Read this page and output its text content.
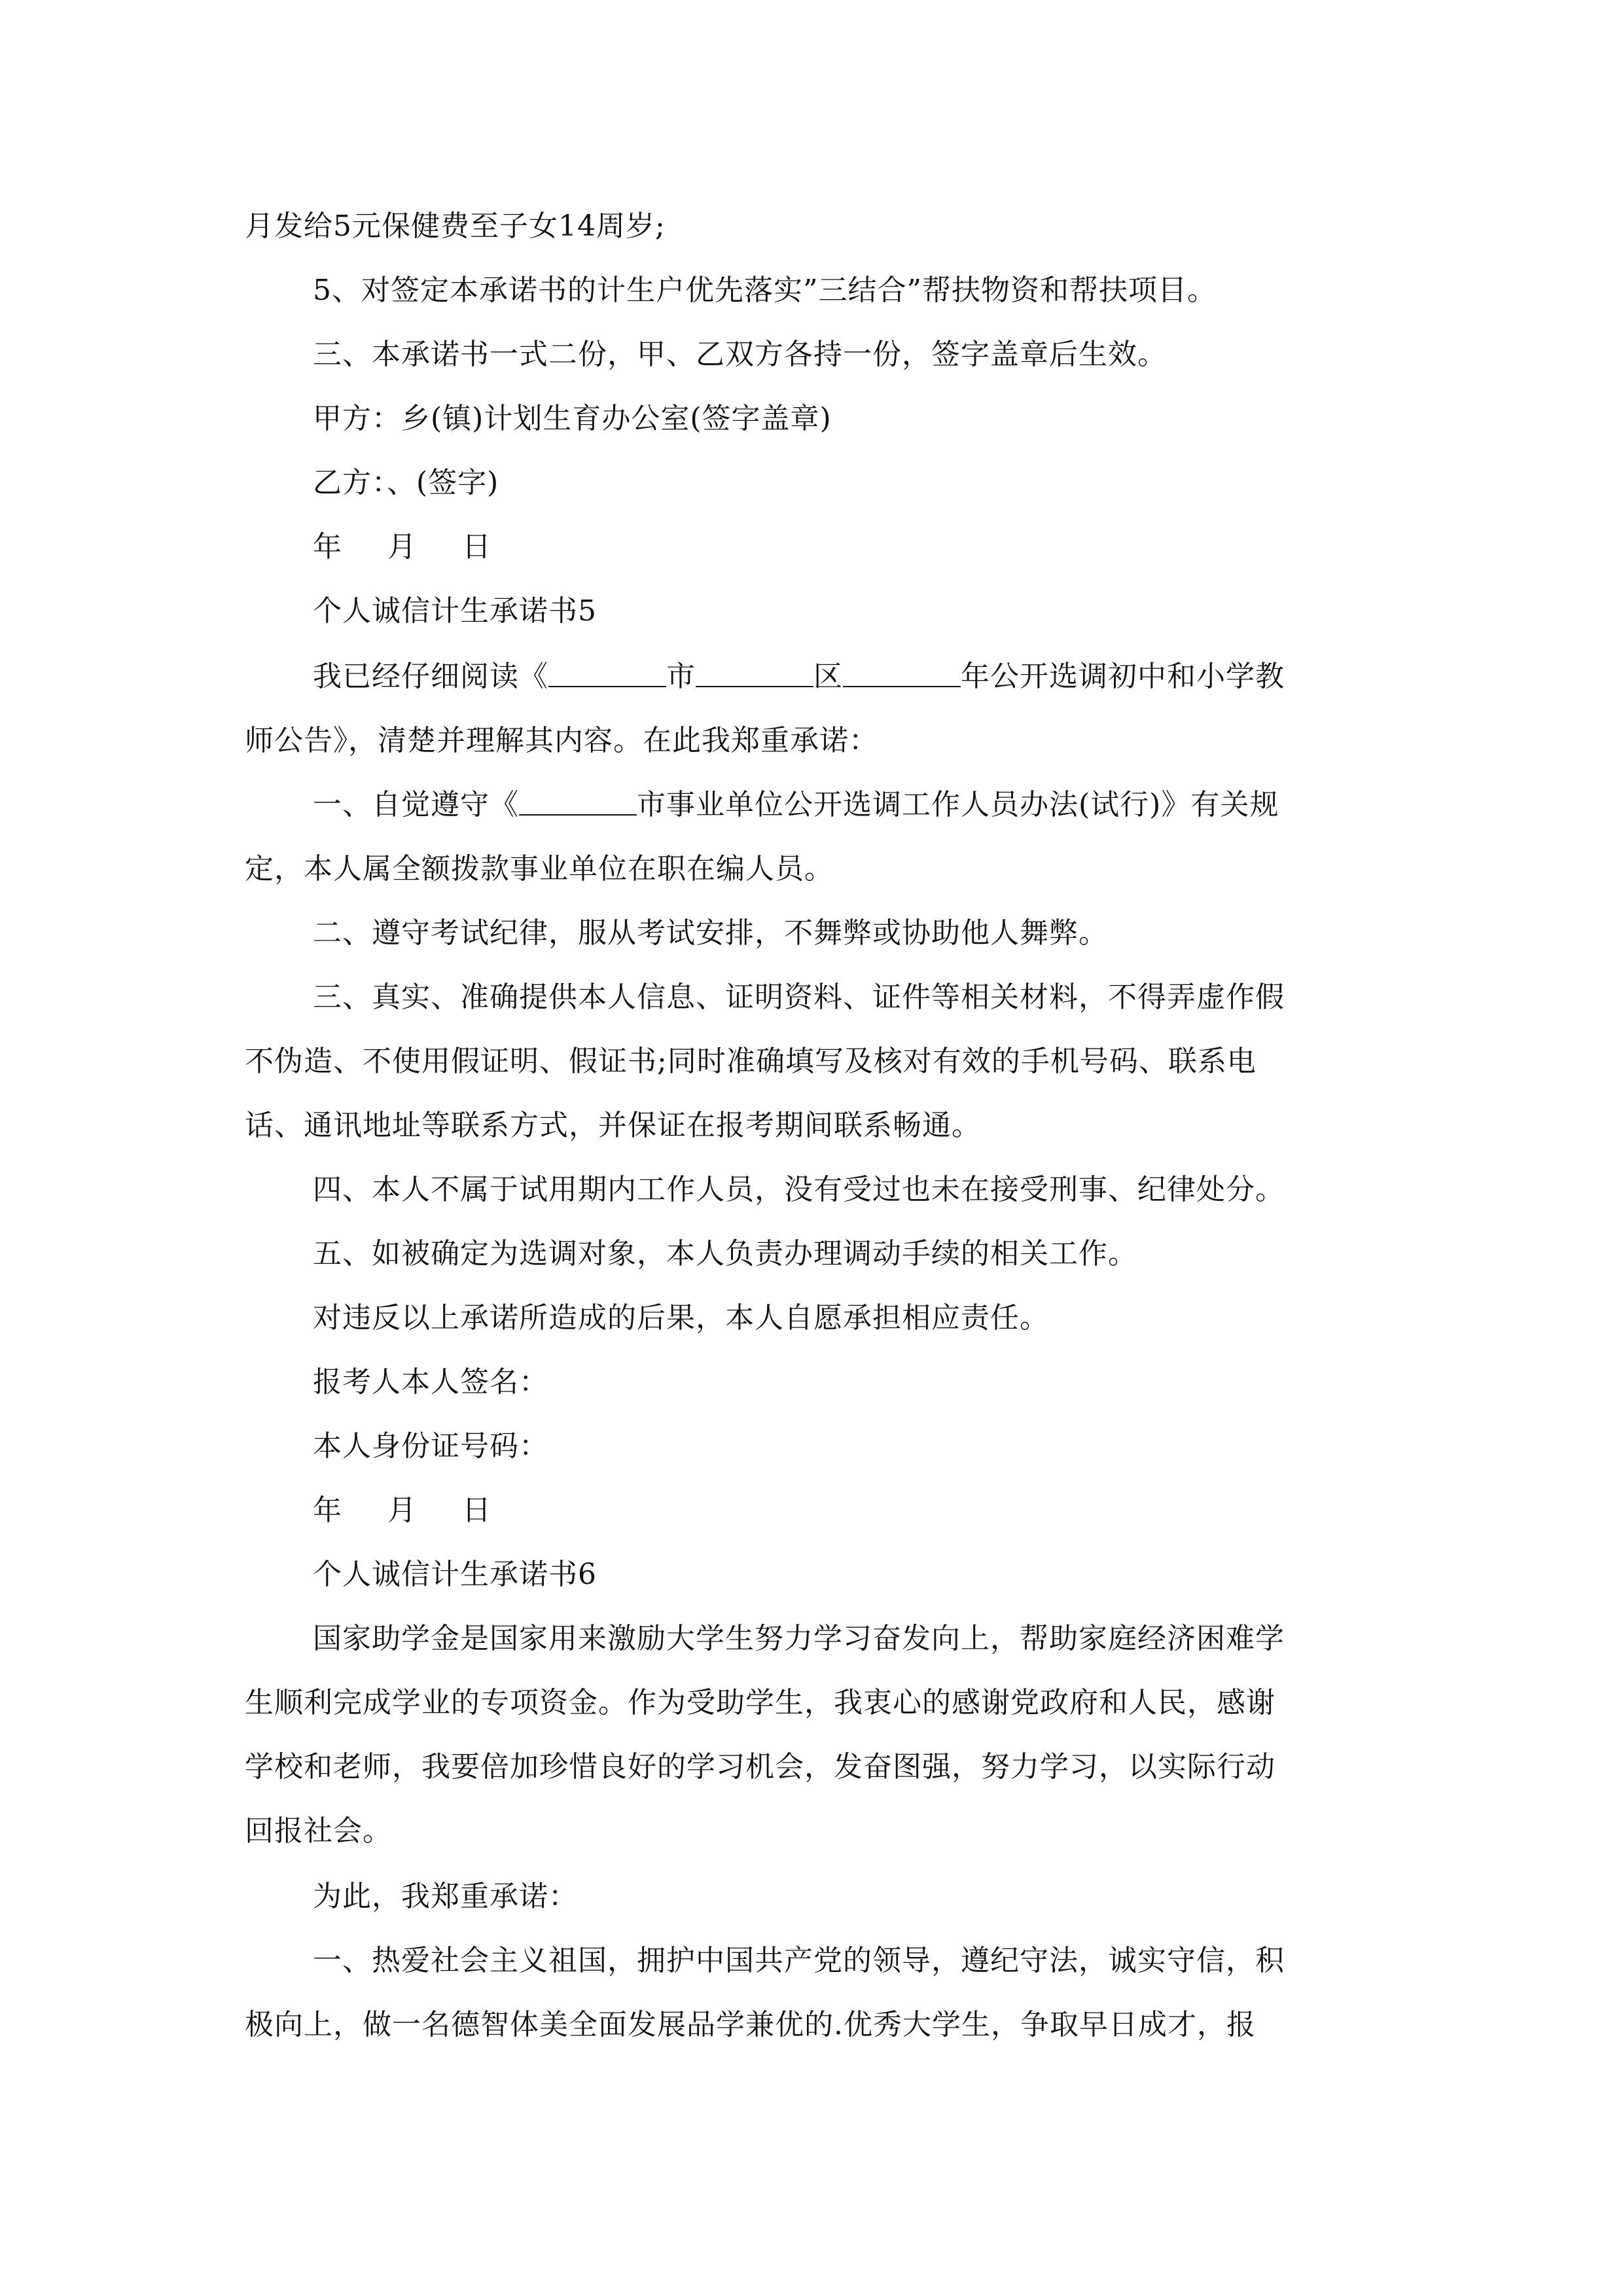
月发给5元保健费至子女14周岁;
5、对签定本承诺书的计生户优先落实”三结合”帮扶物资和帮扶项目。
三、本承诺书一式二份，甲、乙双方各持一份，签字盖章后生效。
甲方：乡(镇)计划生育办公室(签字盖章)
乙方：、(签字)
年 月 日
个人诚信计生承诺书5
我已经仔细阅读《	市	区	年公开选调初中和小学教
师公告》，清楚并理解其内容。在此我郑重承诺：
一、自觉遵守《	市事业单位公开选调工作人员办法(试行)》有关规
定，本人属全额拨款事业单位在职在编人员。
二、遵守考试纪律，服从考试安排，不舞弊或协助他人舞弊。
三、真实、准确提供本人信息、证明资料、证件等相关材料，不得弄虚作假
不伪造、不使用假证明、假证书;同时准确填写及核对有效的手机号码、联系电
话、通讯地址等联系方式，并保证在报考期间联系畅通。
四、本人不属于试用期内工作人员，没有受过也未在接受刑事、纪律处分。
五、如被确定为选调对象，本人负责办理调动手续的相关工作。
对违反以上承诺所造成的后果，本人自愿承担相应责任。
报考人本人签名：
本人身份证号码：
年 月 日
个人诚信计生承诺书6
国家助学金是国家用来激励大学生努力学习奋发向上，帮助家庭经济困难学
生顺利完成学业的专项资金。作为受助学生，我衷心的感谢党政府和人民，感谢
学校和老师，我要倍加珍惜良好的学习机会，发奋图强，努力学习，以实际行动
回报社会。
为此，我郑重承诺：
一、热爱社会主义祖国，拥护中国共产党的领导，遵纪守法，诚实守信，积
极向上，做一名德智体美全面发展品学兼优的.优秀大学生，争取早日成才，报
